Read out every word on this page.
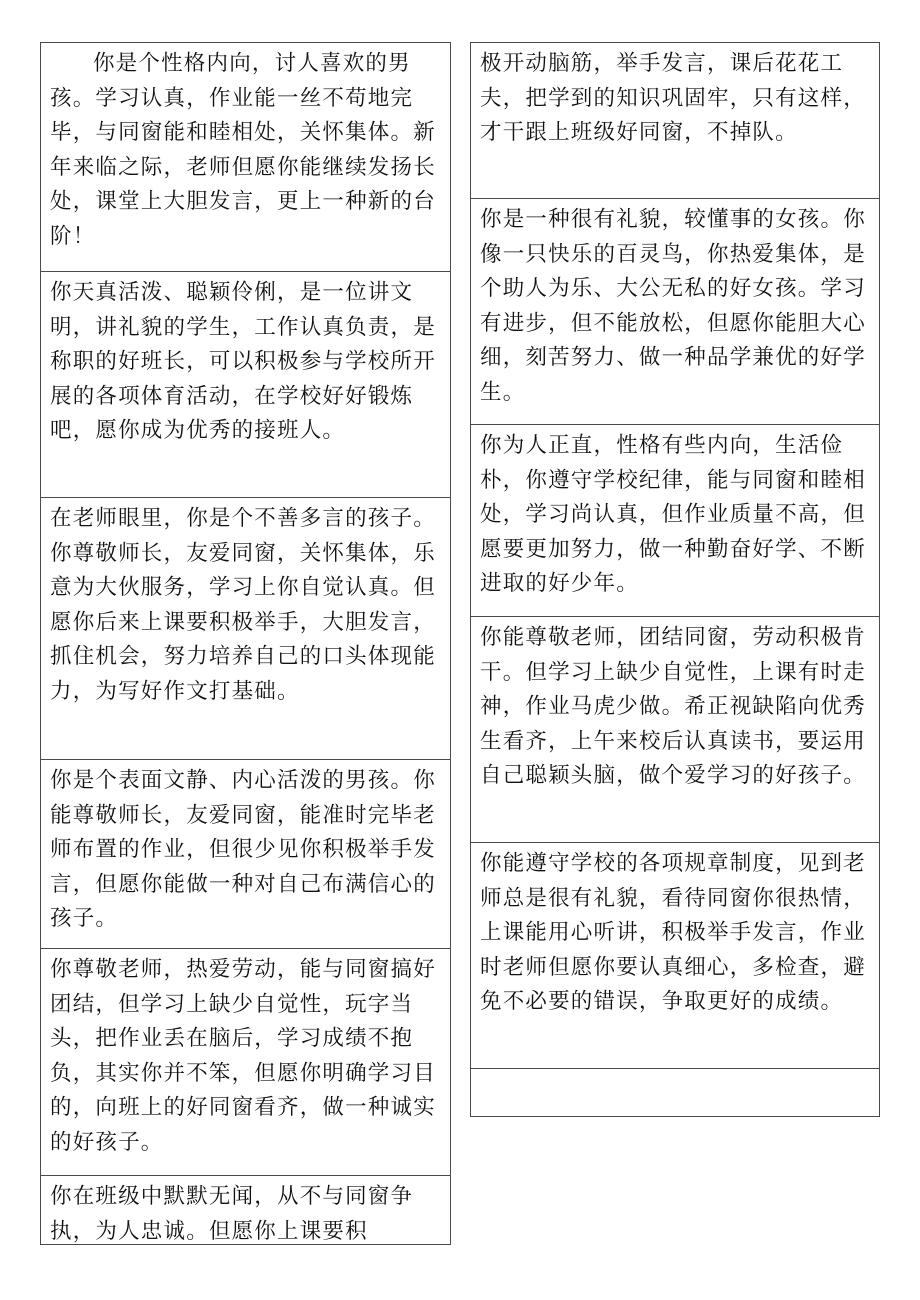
你是个性格内向，讨人喜欢的男孩。学习认真，作业能一丝不苟地完毕，与同窗能和睦相处，关怀集体。新年来临之际，老师但愿你能继续发扬长处，课堂上大胆发言，更上一种新的台阶！

你天真活泼、聪颖伶俐，是一位讲文明，讲礼貌的学生，工作认真负责，是称职的好班长，可以积极参与学校所开展的各项体育活动，在学校好好锻炼吧，愿你成为优秀的接班人。

在老师眼里，你是个不善多言的孩子。你尊敬师长，友爱同窗，关怀集体，乐意为大伙服务，学习上你自觉认真。但愿你后来上课要积极举手，大胆发言，抓住机会，努力培养自己的口头体现能力，为写好作文打基础。

你是个表面文静、内心活泼的男孩。你能尊敬师长，友爱同窗，能准时完毕老师布置的作业，但很少见你积极举手发言，但愿你能做一种对自己布满信心的孩子。

你尊敬老师，热爱劳动，能与同窗搞好团结，但学习上缺少自觉性，玩字当头，把作业丢在脑后，学习成绩不抱负，其实你并不笨，但愿你明确学习目的，向班上的好同窗看齐，做一种诚实的好孩子。

你在班级中默默无闻，从不与同窗争执，为人忠诚。但愿你上课要积

极开动脑筋，举手发言，课后花花工夫，把学到的知识巩固牢，只有这样，才干跟上班级好同窗，不掉队。

你是一种很有礼貌，较懂事的女孩。你像一只快乐的百灵鸟，你热爱集体，是个助人为乐、大公无私的好女孩。学习有进步，但不能放松，但愿你能胆大心细，刻苦努力、做一种品学兼优的好学生。

你为人正直，性格有些内向，生活俭朴，你遵守学校纪律，能与同窗和睦相处，学习尚认真，但作业质量不高，但愿要更加努力，做一种勤奋好学、不断进取的好少年。

你能尊敬老师，团结同窗，劳动积极肯干。但学习上缺少自觉性，上课有时走神，作业马虎少做。希正视缺陷向优秀生看齐，上午来校后认真读书，要运用自己聪颖头脑，做个爱学习的好孩子。

你能遵守学校的各项规章制度，见到老师总是很有礼貌，看待同窗你很热情，上课能用心听讲，积极举手发言，作业时老师但愿你要认真细心，多检查，避免不必要的错误，争取更好的成绩。
